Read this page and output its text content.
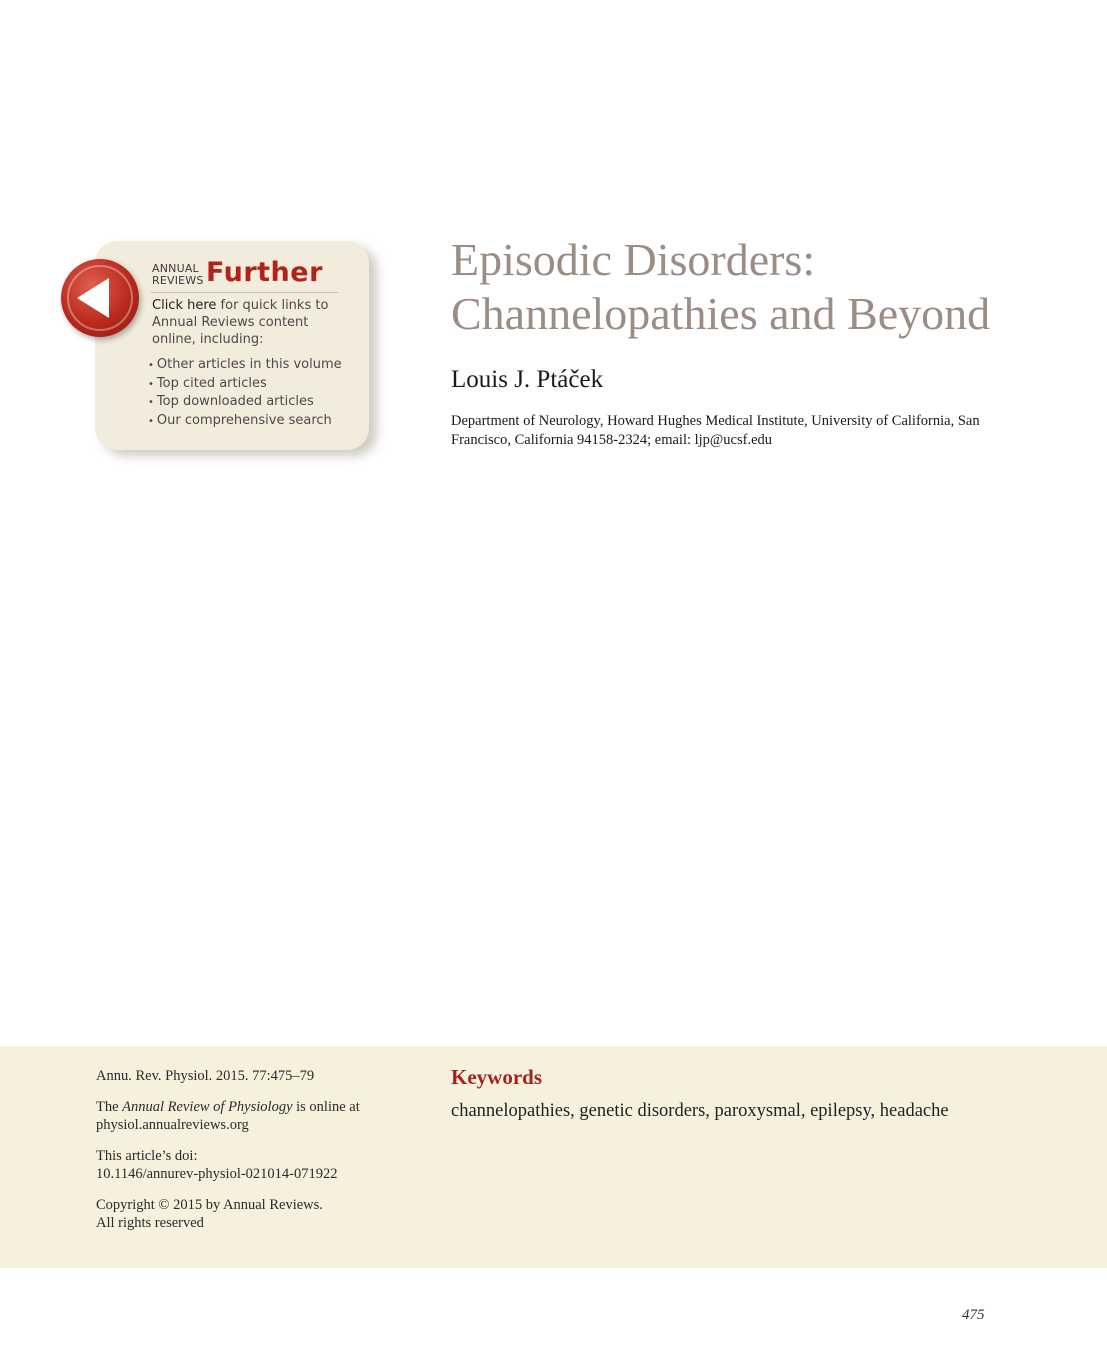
ANNUAL
REVIEWS Further
Click here for quick links to Annual Reviews content online, including:
• Other articles in this volume
• Top cited articles
• Top downloaded articles
• Our comprehensive search
Episodic Disorders:
Channelopathies and Beyond
Louis J. Ptáček
Department of Neurology, Howard Hughes Medical Institute, University of California, San Francisco, California 94158-2324; email: ljp@ucsf.edu

Annu. Rev. Physiol. 2015. 77:475–79

The Annual Review of Physiology is online at physiol.annualreviews.org

This article’s doi:
10.1146/annurev-physiol-021014-071922

Copyright © 2015 by Annual Reviews.
All rights reserved

Keywords
channelopathies, genetic disorders, paroxysmal, epilepsy, headache
475
